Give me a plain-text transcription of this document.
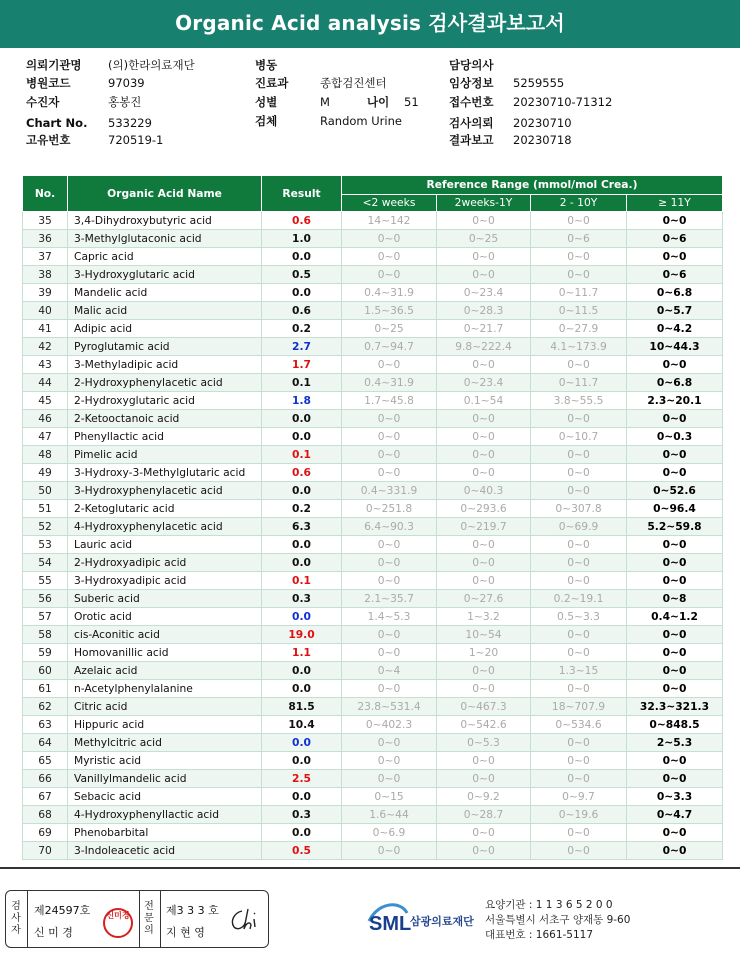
Organic Acid analysis 검사결과보고서
의뢰기관명 (의)한라의료재단
병원코드	97039
수진자	홍봉진
Chart No. 533229
고유번호	720519-1
병동
진료과	종합검진센터
성별	M	나이 51
검체	Random Urine
담당의사
임상정보 5259555
접수번호 20230710-71312
검사의뢰 20230710
결과보고 20230718
No.	Organic Acid Name	Result	Reference Range (mmol/mol Crea.)			
			<2 weeks	2weeks-1Y	2 - 10Y	≥ 11Y
35	3,4-Dihydroxybutyric acid	0.6	14~142	0~0	0~0	0~0
36	3-Methylglutaconic acid	1.0	0~0	0~25	0~6	0~6
37	Capric acid	0.0	0~0	0~0	0~0	0~0
38	3-Hydroxyglutaric acid	0.5	0~0	0~0	0~0	0~6
39	Mandelic acid	0.0	0.4~31.9	0~23.4	0~11.7	0~6.8
40	Malic acid	0.6	1.5~36.5	0~28.3	0~11.5	0~5.7
41	Adipic acid	0.2	0~25	0~21.7	0~27.9	0~4.2
42	Pyroglutamic acid	2.7	0.7~94.7	9.8~222.4	4.1~173.9	10~44.3
43	3-Methyladipic acid	1.7	0~0	0~0	0~0	0~0
44	2-Hydroxyphenylacetic acid	0.1	0.4~31.9	0~23.4	0~11.7	0~6.8
45	2-Hydroxyglutaric acid	1.8	1.7~45.8	0.1~54	3.8~55.5	2.3~20.1
46	2-Ketooctanoic acid	0.0	0~0	0~0	0~0	0~0
47	Phenyllactic acid	0.0	0~0	0~0	0~10.7	0~0.3
48	Pimelic acid	0.1	0~0	0~0	0~0	0~0
49	3-Hydroxy-3-Methylglutaric acid	0.6	0~0	0~0	0~0	0~0
50	3-Hydroxyphenylacetic acid	0.0	0.4~331.9	0~40.3	0~0	0~52.6
51	2-Ketoglutaric acid	0.2	0~251.8	0~293.6	0~307.8	0~96.4
52	4-Hydroxyphenylacetic acid	6.3	6.4~90.3	0~219.7	0~69.9	5.2~59.8
53	Lauric acid	0.0	0~0	0~0	0~0	0~0
54	2-Hydroxyadipic acid	0.0	0~0	0~0	0~0	0~0
55	3-Hydroxyadipic acid	0.1	0~0	0~0	0~0	0~0
56	Suberic acid	0.3	2.1~35.7	0~27.6	0.2~19.1	0~8
57	Orotic acid	0.0	1.4~5.3	1~3.2	0.5~3.3	0.4~1.2
58	cis-Aconitic acid	19.0	0~0	10~54	0~0	0~0
59	Homovanillic acid	1.1	0~0	1~20	0~0	0~0
60	Azelaic acid	0.0	0~4	0~0	1.3~15	0~0
61	n-Acetylphenylalanine	0.0	0~0	0~0	0~0	0~0
62	Citric acid	81.5	23.8~531.4	0~467.3	18~707.9	32.3~321.3
63	Hippuric acid	10.4	0~402.3	0~542.6	0~534.6	0~848.5
64	Methylcitric acid	0.0	0~0	0~5.3	0~0	2~5.3
65	Myristic acid	0.0	0~0	0~0	0~0	0~0
66	Vanillylmandelic acid	2.5	0~0	0~0	0~0	0~0
67	Sebacic acid	0.0	0~15	0~9.2	0~9.7	0~3.3
68	4-Hydroxyphenyllactic acid	0.3	1.6~44	0~28.7	0~19.6	0~4.7
69	Phenobarbital	0.0	0~6.9	0~0	0~0	0~0
70	3-Indoleacetic acid	0.5	0~0	0~0	0~0	0~0
검사자
제24597호
신 미 경
신미경
전문의
제3 3 3 호
지 현 영	SML
삼광의료재단
요양기관 : 1 1 3 6 5 2 0 0
서울특별시 서초구 양재동 9-60
대표번호 : 1661-5117
